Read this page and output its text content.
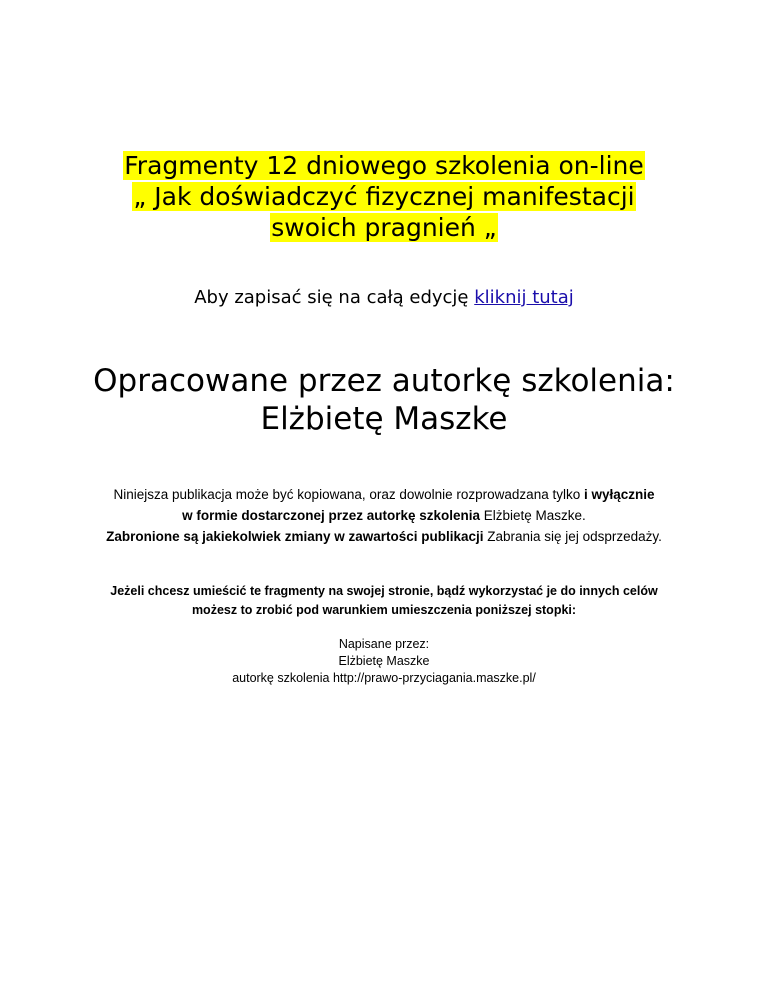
Fragmenty 12 dniowego szkolenia on-line
„ Jak doświadczyć fizycznej manifestacji
swoich pragnień „
Aby zapisać się na całą edycję kliknij tutaj
Opracowane przez autorkę szkolenia:
Elżbietę Maszke
Niniejsza publikacja może być kopiowana, oraz dowolnie rozprowadzana tylko i wyłącznie
w formie dostarczonej przez autorkę szkolenia Elżbietę Maszke.
Zabronione są jakiekolwiek zmiany w zawartości publikacji Zabrania się jej odsprzedaży.
Jeżeli chcesz umieścić te fragmenty na swojej stronie, bądź wykorzystać je do innych celów
możesz to zrobić pod warunkiem umieszczenia poniższej stopki:
Napisane przez:
Elżbietę Maszke
autorkę szkolenia http://prawo-przyciagania.maszke.pl/
